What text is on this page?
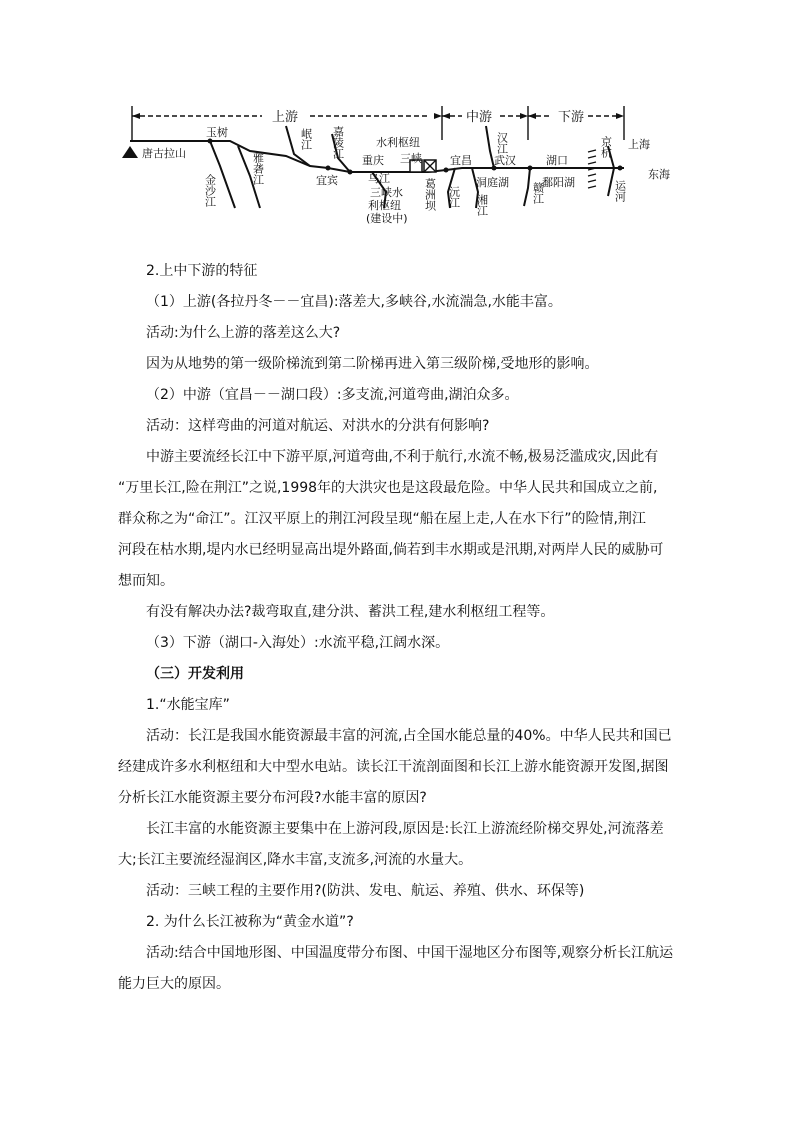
上游	中游	下游
唐古拉山
玉树
金沙江
雅砻江
岷江 嘉陵江
宜宾
重庆
水利枢纽
三峡
乌江
三峡水
利枢纽
(建设中)
葛洲坝
宜昌
沅江 湘江
洞庭湖
汉江
武汉
赣江
湖口
鄱阳湖
京杭
运河
上海
东海
2.上中下游的特征
（1）上游(各拉丹冬－－宜昌):落差大,多峡谷,水流湍急,水能丰富。
活动:为什么上游的落差这么大?
因为从地势的第一级阶梯流到第二阶梯再进入第三级阶梯,受地形的影响。
（2）中游（宜昌－－湖口段）:多支流,河道弯曲,湖泊众多。
活动：这样弯曲的河道对航运、对洪水的分洪有何影响?
中游主要流经长江中下游平原,河道弯曲,不利于航行,水流不畅,极易泛滥成灾,因此有
“万里长江,险在荆江”之说,1998年的大洪灾也是这段最危险。中华人民共和国成立之前,
群众称之为“命江”。江汉平原上的荆江河段呈现“船在屋上走,人在水下行”的险情,荆江
河段在枯水期,堤内水已经明显高出堤外路面,倘若到丰水期或是汛期,对两岸人民的威胁可
想而知。
有没有解决办法?裁弯取直,建分洪、蓄洪工程,建水利枢纽工程等。
（3）下游（湖口-入海处）:水流平稳,江阔水深。
（三）开发利用
1.“水能宝库”
活动：长江是我国水能资源最丰富的河流,占全国水能总量的40%。中华人民共和国已
经建成许多水利枢纽和大中型水电站。读长江干流剖面图和长江上游水能资源开发图,据图
分析长江水能资源主要分布河段?水能丰富的原因?
长江丰富的水能资源主要集中在上游河段,原因是:长江上游流经阶梯交界处,河流落差
大;长江主要流经湿润区,降水丰富,支流多,河流的水量大。
活动：三峡工程的主要作用?(防洪、发电、航运、养殖、供水、环保等)
2. 为什么长江被称为“黄金水道”?
活动:结合中国地形图、中国温度带分布图、中国干湿地区分布图等,观察分析长江航运
能力巨大的原因。
